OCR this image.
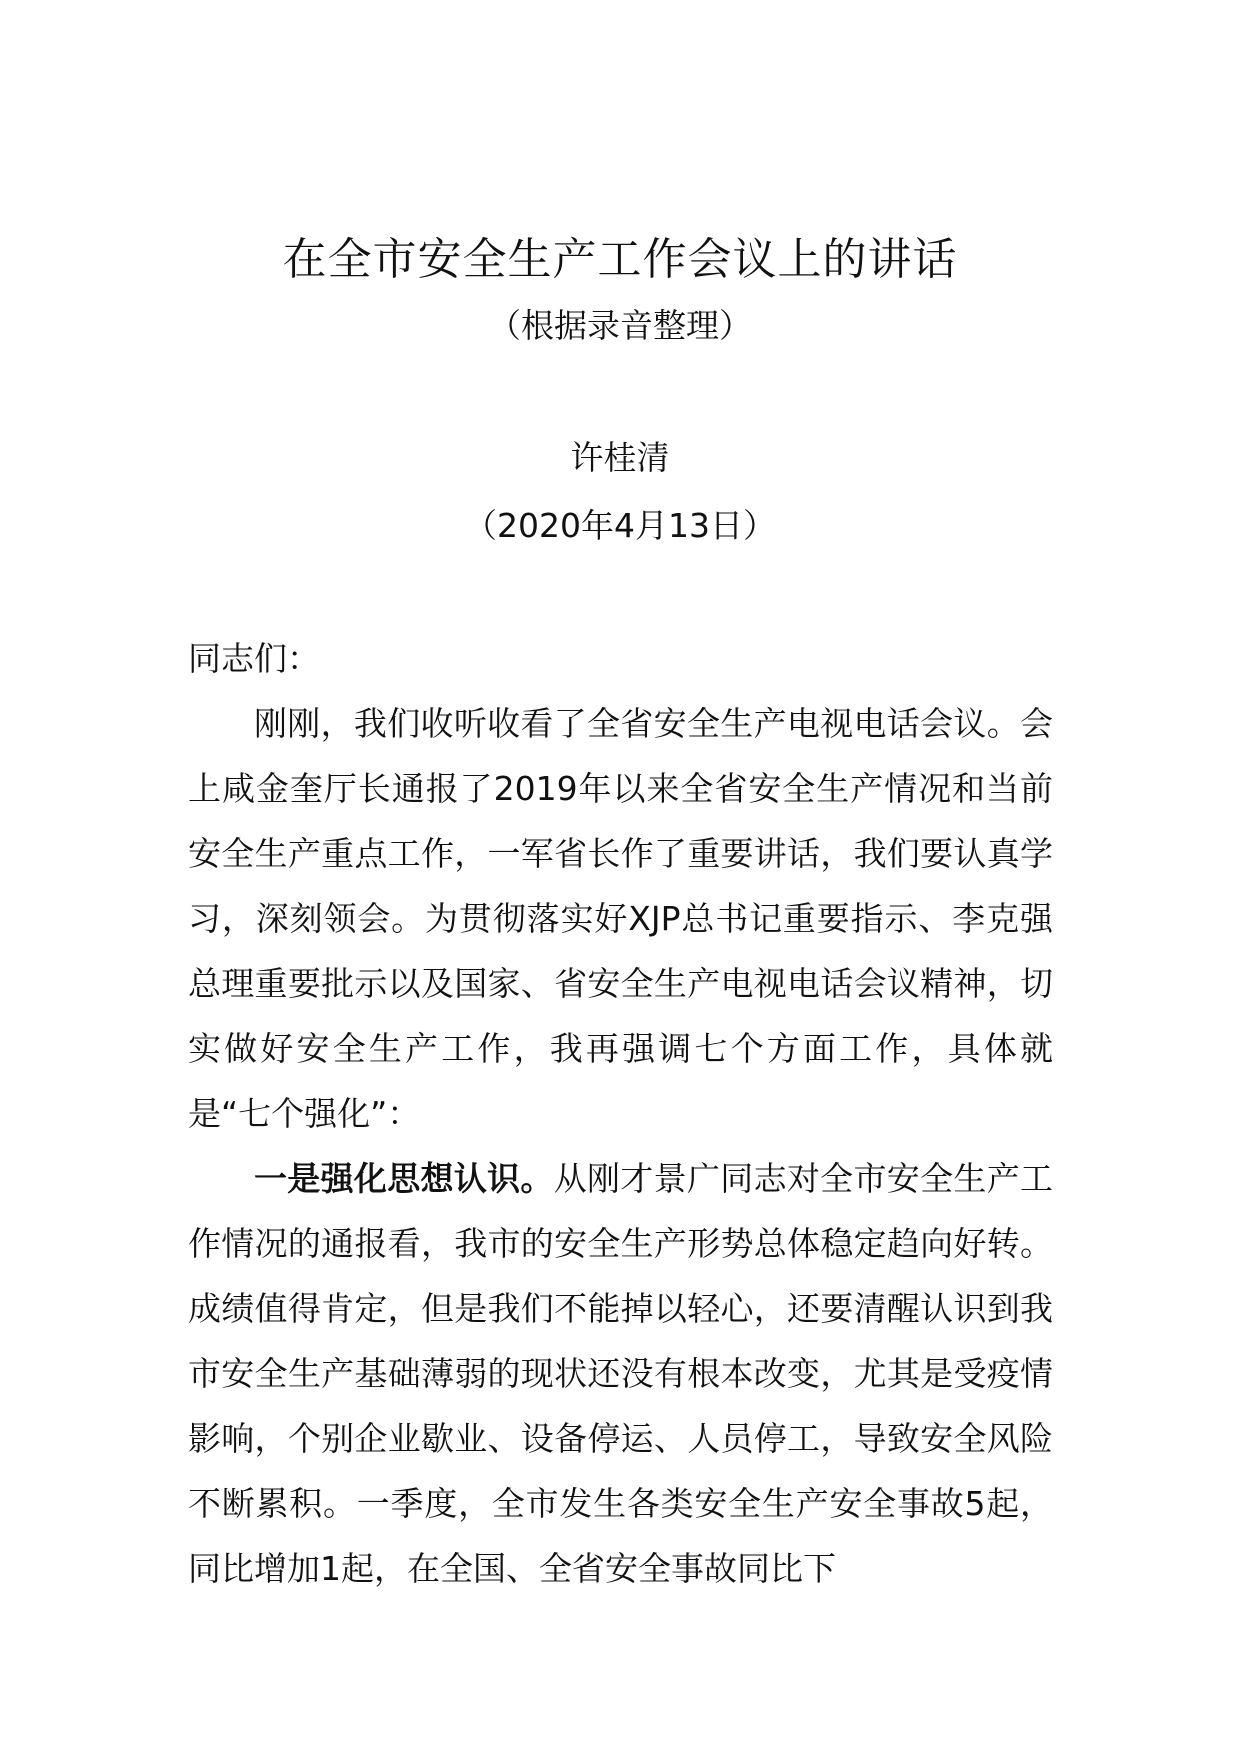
在全市安全生产工作会议上的讲话
（根据录音整理）
许桂清
（2020年4月13日）

同志们：

刚刚，我们收听收看了全省安全生产电视电话会议。会上咸金奎厅长通报了2019年以来全省安全生产情况和当前安全生产重点工作，一军省长作了重要讲话，我们要认真学习，深刻领会。为贯彻落实好XJP总书记重要指示、李克强总理重要批示以及国家、省安全生产电视电话会议精神，切实做好安全生产工作，我再强调七个方面工作，具体就是“七个强化”：

一是强化思想认识。从刚才景广同志对全市安全生产工作情况的通报看，我市的安全生产形势总体稳定趋向好转。成绩值得肯定，但是我们不能掉以轻心，还要清醒认识到我市安全生产基础薄弱的现状还没有根本改变，尤其是受疫情影响，个别企业歇业、设备停运、人员停工，导致安全风险不断累积。一季度，全市发生各类安全生产安全事故5起，同比增加1起，在全国、全省安全事故同比下
